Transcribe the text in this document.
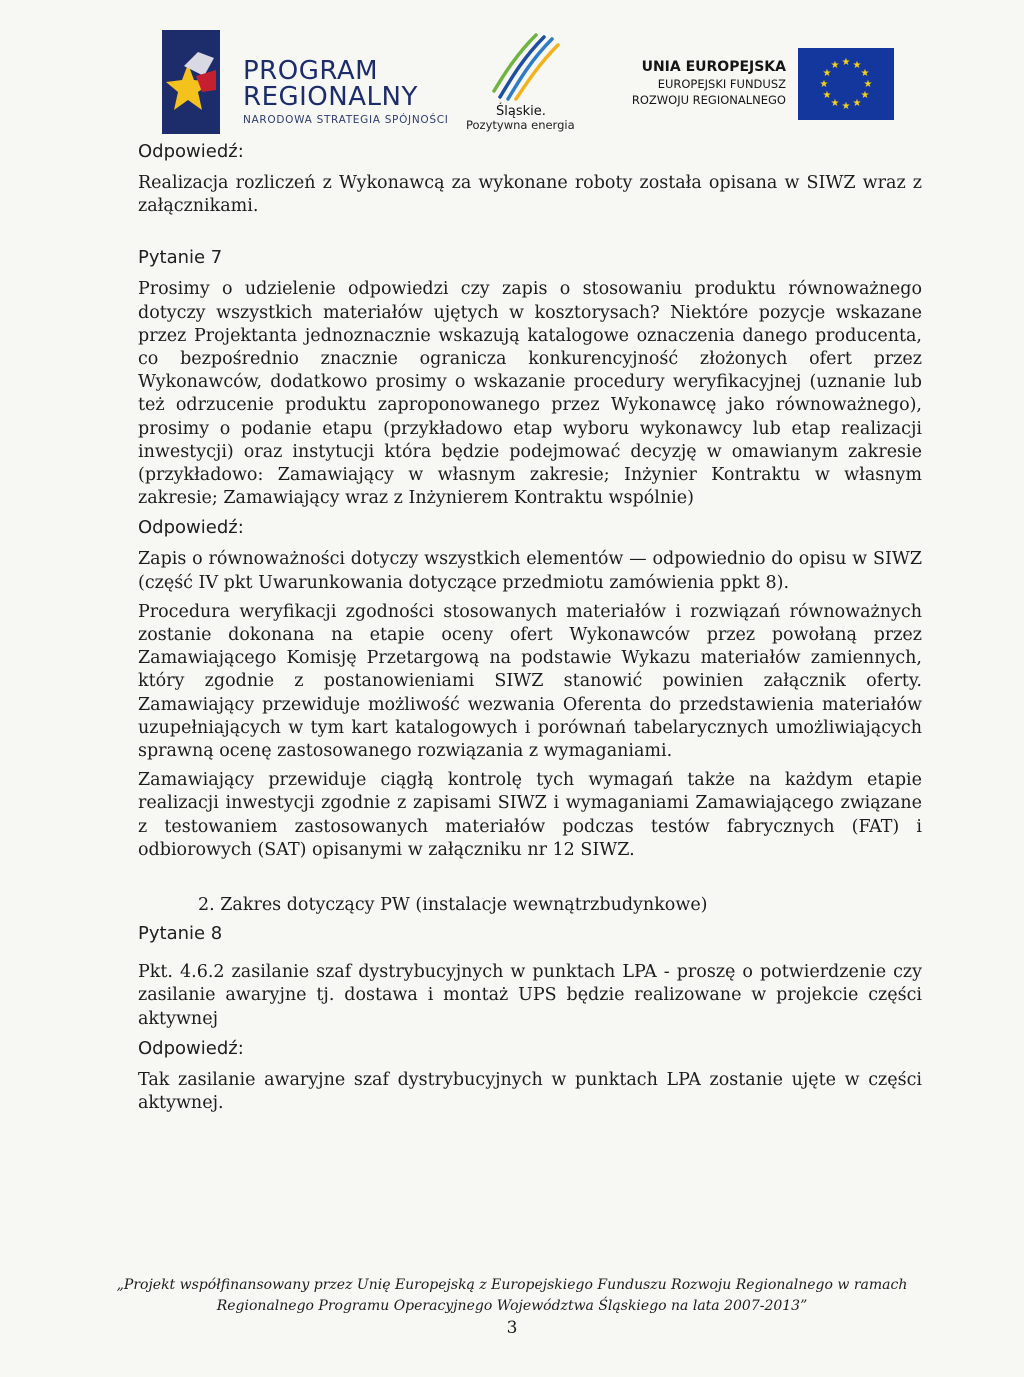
PROGRAM
REGIONALNY
NARODOWA STRATEGIA SPÓJNOŚCI
Śląskie.
Pozytywna energia
UNIA EUROPEJSKA
EUROPEJSKI FUNDUSZ
ROZWOJU REGIONALNEGO
★ ★
★
★
★
★
★
★
★
★
★
★
Odpowiedź:

Realizacja rozliczeń z Wykonawcą za wykonane roboty została opisana w SIWZ wraz z załącznikami.

Pytanie 7

Prosimy o udzielenie odpowiedzi czy zapis o stosowaniu produktu równoważnego dotyczy wszystkich materiałów ujętych w kosztorysach? Niektóre pozycje wskazane przez Projektanta jednoznacznie wskazują katalogowe oznaczenia danego producenta, co bezpośrednio znacznie ogranicza konkurencyjność złożonych ofert przez Wykonawców, dodatkowo prosimy o wskazanie procedury weryfikacyjnej (uznanie lub też odrzucenie produktu zaproponowanego przez Wykonawcę jako równoważnego), prosimy o podanie etapu (przykładowo etap wyboru wykonawcy lub etap realizacji inwestycji) oraz instytucji która będzie podejmować decyzję w omawianym zakresie (przykładowo: Zamawiający w własnym zakresie; Inżynier Kontraktu w własnym zakresie; Zamawiający wraz z Inżynierem Kontraktu wspólnie)

Odpowiedź:

Zapis o równoważności dotyczy wszystkich elementów — odpowiednio do opisu w SIWZ (część IV pkt Uwarunkowania dotyczące przedmiotu zamówienia ppkt 8).

Procedura weryfikacji zgodności stosowanych materiałów i rozwiązań równoważnych zostanie dokonana na etapie oceny ofert Wykonawców przez powołaną przez Zamawiającego Komisję Przetargową na podstawie Wykazu materiałów zamiennych, który zgodnie z postanowieniami SIWZ stanowić powinien załącznik oferty. Zamawiający przewiduje możliwość wezwania Oferenta do przedstawienia materiałów uzupełniających w tym kart katalogowych i porównań tabelarycznych umożliwiających sprawną ocenę zastosowanego rozwiązania z wymaganiami.

Zamawiający przewiduje ciągłą kontrolę tych wymagań także na każdym etapie realizacji inwestycji zgodnie z zapisami SIWZ i wymaganiami Zamawiającego związane z testowaniem zastosowanych materiałów podczas testów fabrycznych (FAT) i odbiorowych (SAT) opisanymi w załączniku nr 12 SIWZ.

2. Zakres dotyczący PW (instalacje wewnątrzbudynkowe)
Pytanie 8

Pkt. 4.6.2 zasilanie szaf dystrybucyjnych w punktach LPA - proszę o potwierdzenie czy zasilanie awaryjne tj. dostawa i montaż UPS będzie realizowane w projekcie części aktywnej

Odpowiedź:

Tak zasilanie awaryjne szaf dystrybucyjnych w punktach LPA zostanie ujęte w części aktywnej.

„Projekt współfinansowany przez Unię Europejską z Europejskiego Funduszu Rozwoju Regionalnego w ramach
Regionalnego Programu Operacyjnego Województwa Śląskiego na lata 2007-2013”
3
